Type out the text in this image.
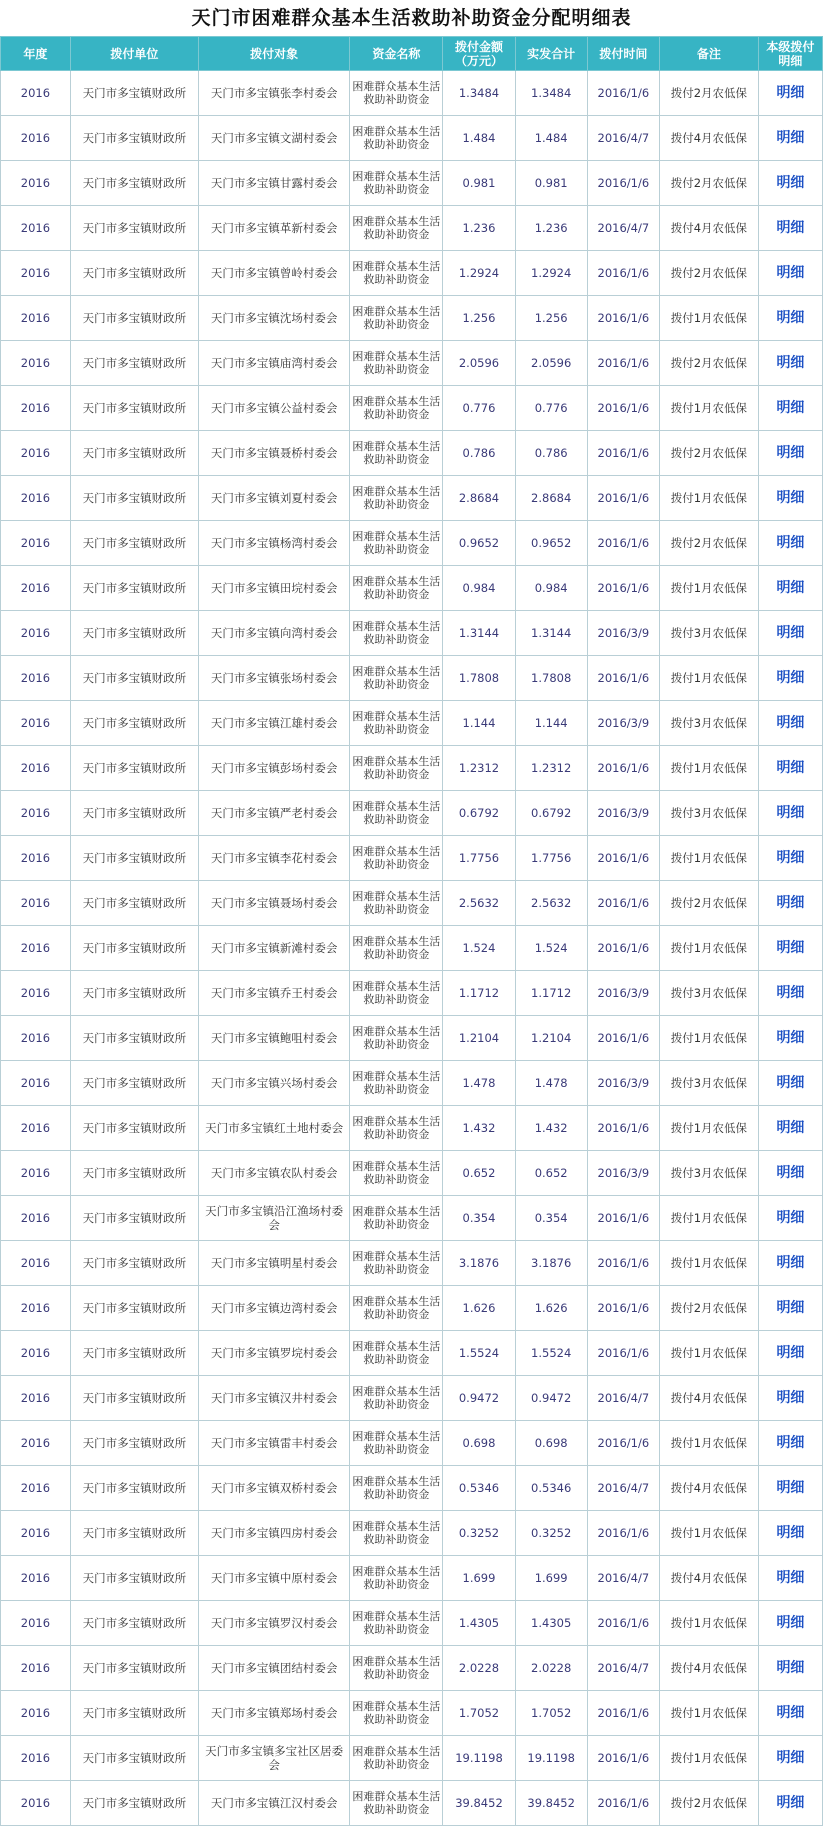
天门市困难群众基本生活救助补助资金分配明细表
年度	拨付单位	拨付对象	资金名称	拨付金额（万元）	实发合计	拨付时间	备注	本级拨付明细
2016	天门市多宝镇财政所	天门市多宝镇张李村委会	困难群众基本生活救助补助资金	1.3484	1.3484	2016/1/6	拨付2月农低保	明细
2016	天门市多宝镇财政所	天门市多宝镇文湖村委会	困难群众基本生活救助补助资金	1.484	1.484	2016/4/7	拨付4月农低保	明细
2016	天门市多宝镇财政所	天门市多宝镇甘露村委会	困难群众基本生活救助补助资金	0.981	0.981	2016/1/6	拨付2月农低保	明细
2016	天门市多宝镇财政所	天门市多宝镇革新村委会	困难群众基本生活救助补助资金	1.236	1.236	2016/4/7	拨付4月农低保	明细
2016	天门市多宝镇财政所	天门市多宝镇曾岭村委会	困难群众基本生活救助补助资金	1.2924	1.2924	2016/1/6	拨付2月农低保	明细
2016	天门市多宝镇财政所	天门市多宝镇沈场村委会	困难群众基本生活救助补助资金	1.256	1.256	2016/1/6	拨付1月农低保	明细
2016	天门市多宝镇财政所	天门市多宝镇庙湾村委会	困难群众基本生活救助补助资金	2.0596	2.0596	2016/1/6	拨付2月农低保	明细
2016	天门市多宝镇财政所	天门市多宝镇公益村委会	困难群众基本生活救助补助资金	0.776	0.776	2016/1/6	拨付1月农低保	明细
2016	天门市多宝镇财政所	天门市多宝镇聂桥村委会	困难群众基本生活救助补助资金	0.786	0.786	2016/1/6	拨付2月农低保	明细
2016	天门市多宝镇财政所	天门市多宝镇刘夏村委会	困难群众基本生活救助补助资金	2.8684	2.8684	2016/1/6	拨付1月农低保	明细
2016	天门市多宝镇财政所	天门市多宝镇杨湾村委会	困难群众基本生活救助补助资金	0.9652	0.9652	2016/1/6	拨付2月农低保	明细
2016	天门市多宝镇财政所	天门市多宝镇田垸村委会	困难群众基本生活救助补助资金	0.984	0.984	2016/1/6	拨付1月农低保	明细
2016	天门市多宝镇财政所	天门市多宝镇向湾村委会	困难群众基本生活救助补助资金	1.3144	1.3144	2016/3/9	拨付3月农低保	明细
2016	天门市多宝镇财政所	天门市多宝镇张场村委会	困难群众基本生活救助补助资金	1.7808	1.7808	2016/1/6	拨付1月农低保	明细
2016	天门市多宝镇财政所	天门市多宝镇江雄村委会	困难群众基本生活救助补助资金	1.144	1.144	2016/3/9	拨付3月农低保	明细
2016	天门市多宝镇财政所	天门市多宝镇彭场村委会	困难群众基本生活救助补助资金	1.2312	1.2312	2016/1/6	拨付1月农低保	明细
2016	天门市多宝镇财政所	天门市多宝镇严老村委会	困难群众基本生活救助补助资金	0.6792	0.6792	2016/3/9	拨付3月农低保	明细
2016	天门市多宝镇财政所	天门市多宝镇李花村委会	困难群众基本生活救助补助资金	1.7756	1.7756	2016/1/6	拨付1月农低保	明细
2016	天门市多宝镇财政所	天门市多宝镇聂场村委会	困难群众基本生活救助补助资金	2.5632	2.5632	2016/1/6	拨付2月农低保	明细
2016	天门市多宝镇财政所	天门市多宝镇新滩村委会	困难群众基本生活救助补助资金	1.524	1.524	2016/1/6	拨付1月农低保	明细
2016	天门市多宝镇财政所	天门市多宝镇乔王村委会	困难群众基本生活救助补助资金	1.1712	1.1712	2016/3/9	拨付3月农低保	明细
2016	天门市多宝镇财政所	天门市多宝镇鲍咀村委会	困难群众基本生活救助补助资金	1.2104	1.2104	2016/1/6	拨付1月农低保	明细
2016	天门市多宝镇财政所	天门市多宝镇兴场村委会	困难群众基本生活救助补助资金	1.478	1.478	2016/3/9	拨付3月农低保	明细
2016	天门市多宝镇财政所	天门市多宝镇红土地村委会	困难群众基本生活救助补助资金	1.432	1.432	2016/1/6	拨付1月农低保	明细
2016	天门市多宝镇财政所	天门市多宝镇农队村委会	困难群众基本生活救助补助资金	0.652	0.652	2016/3/9	拨付3月农低保	明细
2016	天门市多宝镇财政所	天门市多宝镇沿江渔场村委会	困难群众基本生活救助补助资金	0.354	0.354	2016/1/6	拨付1月农低保	明细
2016	天门市多宝镇财政所	天门市多宝镇明星村委会	困难群众基本生活救助补助资金	3.1876	3.1876	2016/1/6	拨付1月农低保	明细
2016	天门市多宝镇财政所	天门市多宝镇边湾村委会	困难群众基本生活救助补助资金	1.626	1.626	2016/1/6	拨付2月农低保	明细
2016	天门市多宝镇财政所	天门市多宝镇罗垸村委会	困难群众基本生活救助补助资金	1.5524	1.5524	2016/1/6	拨付1月农低保	明细
2016	天门市多宝镇财政所	天门市多宝镇汉井村委会	困难群众基本生活救助补助资金	0.9472	0.9472	2016/4/7	拨付4月农低保	明细
2016	天门市多宝镇财政所	天门市多宝镇雷丰村委会	困难群众基本生活救助补助资金	0.698	0.698	2016/1/6	拨付1月农低保	明细
2016	天门市多宝镇财政所	天门市多宝镇双桥村委会	困难群众基本生活救助补助资金	0.5346	0.5346	2016/4/7	拨付4月农低保	明细
2016	天门市多宝镇财政所	天门市多宝镇四房村委会	困难群众基本生活救助补助资金	0.3252	0.3252	2016/1/6	拨付1月农低保	明细
2016	天门市多宝镇财政所	天门市多宝镇中原村委会	困难群众基本生活救助补助资金	1.699	1.699	2016/4/7	拨付4月农低保	明细
2016	天门市多宝镇财政所	天门市多宝镇罗汉村委会	困难群众基本生活救助补助资金	1.4305	1.4305	2016/1/6	拨付1月农低保	明细
2016	天门市多宝镇财政所	天门市多宝镇团结村委会	困难群众基本生活救助补助资金	2.0228	2.0228	2016/4/7	拨付4月农低保	明细
2016	天门市多宝镇财政所	天门市多宝镇郑场村委会	困难群众基本生活救助补助资金	1.7052	1.7052	2016/1/6	拨付1月农低保	明细
2016	天门市多宝镇财政所	天门市多宝镇多宝社区居委会	困难群众基本生活救助补助资金	19.1198	19.1198	2016/1/6	拨付1月农低保	明细
2016	天门市多宝镇财政所	天门市多宝镇江汉村委会	困难群众基本生活救助补助资金	39.8452	39.8452	2016/1/6	拨付2月农低保	明细
